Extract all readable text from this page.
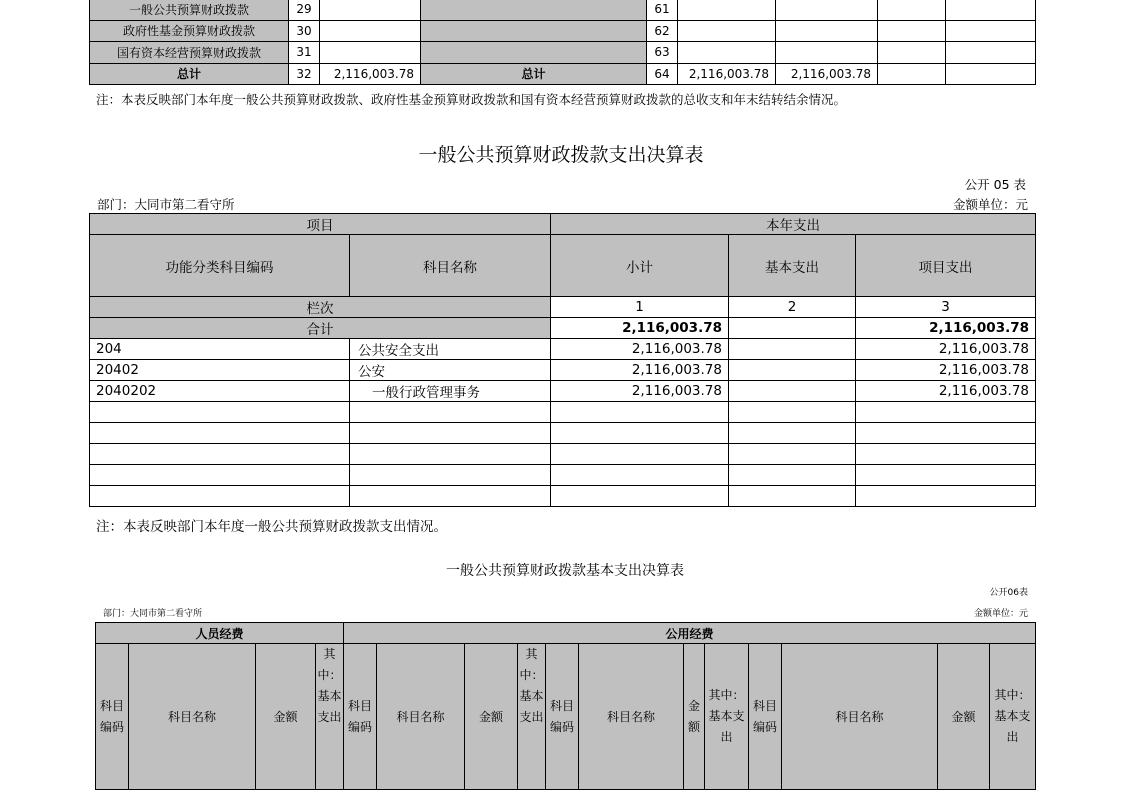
一般公共预算财政拨款	29			61				
政府性基金预算财政拨款	30			62				
国有资本经营预算财政拨款	31			63				
总计	32	2,116,003.78	总计	64	2,116,003.78	2,116,003.78		
注：本表反映部门本年度一般公共预算财政拨款、政府性基金预算财政拨款和国有资本经营预算财政拨款的总收支和年末结转结余情况。
一般公共预算财政拨款支出决算表
公开 05 表
部门：大同市第二看守所	金额单位：元
项目		本年支出		
功能分类科目编码	科目名称	小计	基本支出	项目支出
栏次		1	2	3
合计		2,116,003.78		2,116,003.78
204	公共安全支出	2,116,003.78		2,116,003.78
20402	公安	2,116,003.78		2,116,003.78
2040202	一般行政管理事务	2,116,003.78		2,116,003.78

注：本表反映部门本年度一般公共预算财政拨款支出情况。
一般公共预算财政拨款基本支出决算表
公开06表
部门：大同市第二看守所	金额单位：元
人员经费				公用经费											
科目编码	科目名称	金额	其中：基本支出	科目编码	科目名称	金额	其中：基本支出	科目编码	科目名称	金额	其中：基本支出	科目编码	科目名称	金额	其中：基本支出
